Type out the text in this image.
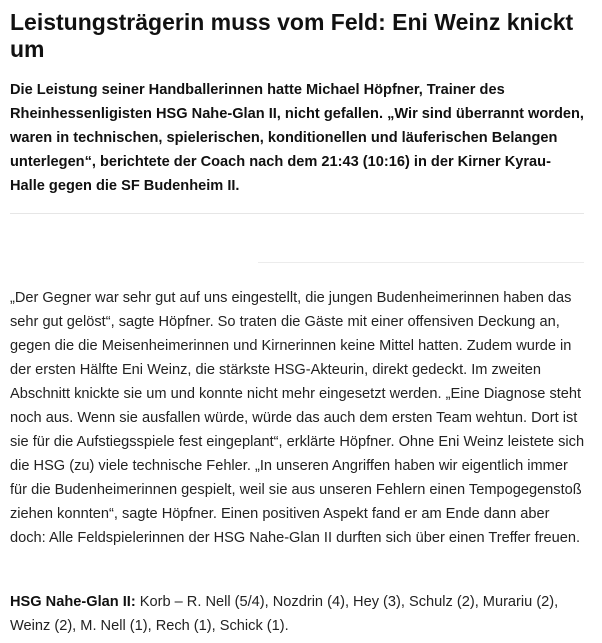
Leistungsträgerin muss vom Feld: Eni Weinz knickt um

Die Leistung seiner Handballerinnen hatte Michael Höpfner, Trainer des Rheinhessenligisten HSG Nahe-Glan II, nicht gefallen. „Wir sind überrannt worden, waren in technischen, spielerischen, konditionellen und läuferischen Belangen unterlegen“, berichtete der Coach nach dem 21:43 (10:16) in der Kirner Kyrau-Halle gegen die SF Budenheim II.

„Der Gegner war sehr gut auf uns eingestellt, die jungen Budenheimerinnen haben das sehr gut gelöst“, sagte Höpfner. So traten die Gäste mit einer offensiven Deckung an, gegen die die Meisenheimerinnen und Kirnerinnen keine Mittel hatten. Zudem wurde in der ersten Hälfte Eni Weinz, die stärkste HSG-Akteurin, direkt gedeckt. Im zweiten Abschnitt knickte sie um und konnte nicht mehr eingesetzt werden. „Eine Diagnose steht noch aus. Wenn sie ausfallen würde, würde das auch dem ersten Team wehtun. Dort ist sie für die Aufstiegsspiele fest eingeplant“, erklärte Höpfner. Ohne Eni Weinz leistete sich die HSG (zu) viele technische Fehler. „In unseren Angriffen haben wir eigentlich immer für die Budenheimerinnen gespielt, weil sie aus unseren Fehlern einen Tempogegenstoß ziehen konnten“, sagte Höpfner. Einen positiven Aspekt fand er am Ende dann aber doch: Alle Feldspielerinnen der HSG Nahe-Glan II durften sich über einen Treffer freuen.

HSG Nahe-Glan II: Korb – R. Nell (5/4), Nozdrin (4), Hey (3), Schulz (2), Murariu (2), Weinz (2), M. Nell (1), Rech (1), Schick (1).
